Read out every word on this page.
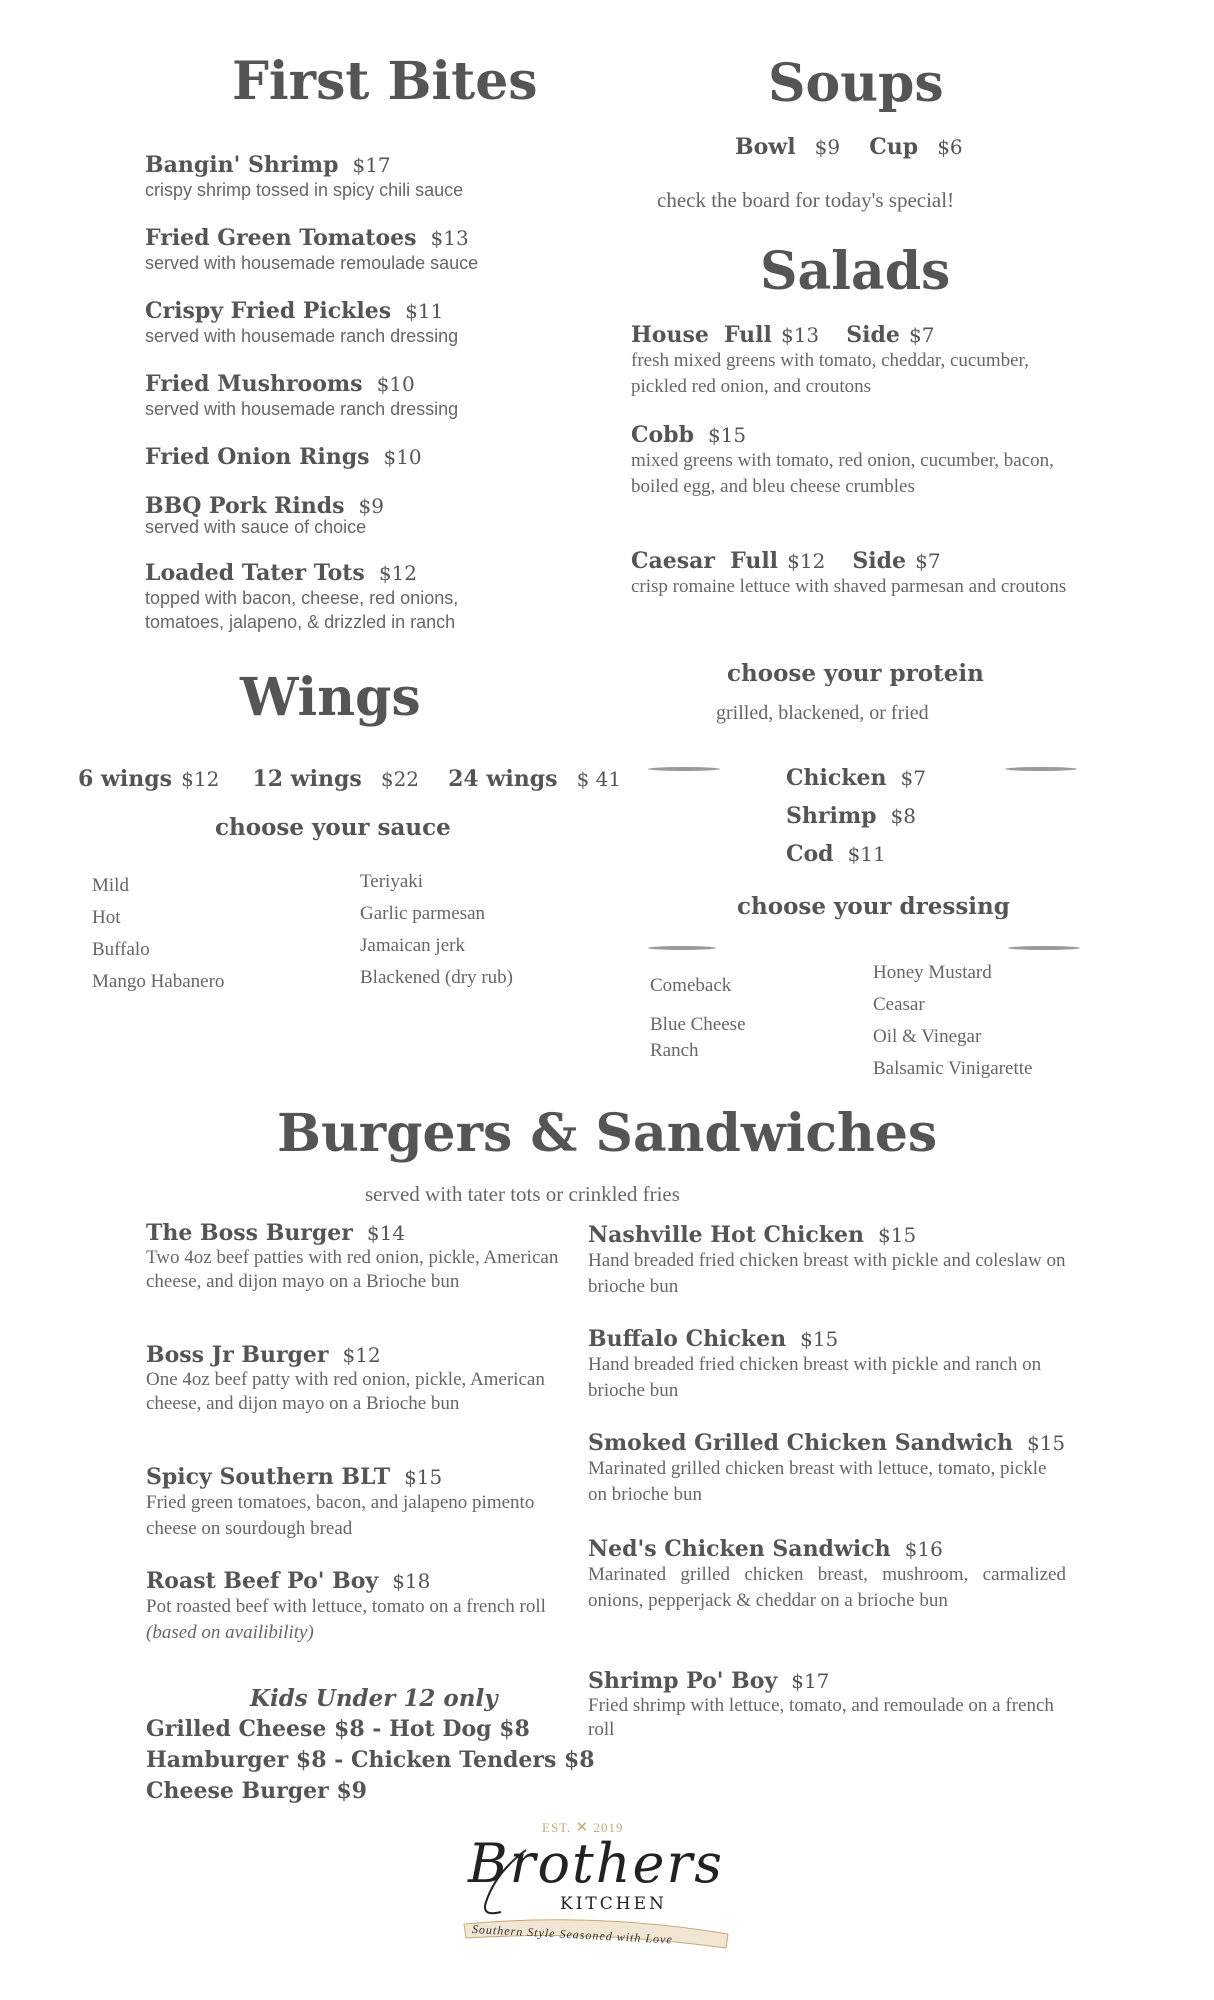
First Bites
Bangin' Shrimp $17
crispy shrimp tossed in spicy chili sauce
Fried Green Tomatoes $13
served with housemade remoulade sauce
Crispy Fried Pickles $11
served with housemade ranch dressing
Fried Mushrooms $10
served with housemade ranch dressing
Fried Onion Rings $10
BBQ Pork Rinds $9
served with sauce of choice
Loaded Tater Tots $12
topped with bacon, cheese, red onions, tomatoes, jalapeno, & drizzled in ranch
Soups
Bowl $9 Cup $6
check the board for today's special!
Salads
House Full $13 Side $7
fresh mixed greens with tomato, cheddar, cucumber, pickled red onion, and croutons
Cobb $15
mixed greens with tomato, red onion, cucumber, bacon, boiled egg, and bleu cheese crumbles
Caesar Full $12 Side $7
crisp romaine lettuce with shaved parmesan and croutons
choose your protein
grilled, blackened, or fried
Chicken $7
Shrimp $8
Cod $11
choose your dressing
Comeback
Blue Cheese
Ranch
Honey Mustard
Ceasar
Oil & Vinegar
Balsamic Vinigarette
Wings
6 wings $12 12 wings $22 24 wings $ 41
choose your sauce
Mild
Hot
Buffalo
Mango Habanero
Teriyaki
Garlic parmesan
Jamaican jerk
Blackened (dry rub)
Burgers & Sandwiches
served with tater tots or crinkled fries
The Boss Burger $14
Two 4oz beef patties with red onion, pickle, American cheese, and dijon mayo on a Brioche bun
Boss Jr Burger $12
One 4oz beef patty with red onion, pickle, American cheese, and dijon mayo on a Brioche bun
Spicy Southern BLT $15
Fried green tomatoes, bacon, and jalapeno pimento cheese on sourdough bread
Roast Beef Po' Boy $18
Pot roasted beef with lettuce, tomato on a french roll (based on availibility)
Nashville Hot Chicken $15
Hand breaded fried chicken breast with pickle and coleslaw on brioche bun
Buffalo Chicken $15
Hand breaded fried chicken breast with pickle and ranch on brioche bun
Smoked Grilled Chicken Sandwich $15
Marinated grilled chicken breast with lettuce, tomato, pickle on brioche bun
Ned's Chicken Sandwich $16
Marinated grilled chicken breast, mushroom, carmalized onions, pepperjack & cheddar on a brioche bun
Shrimp Po' Boy $17
Fried shrimp with lettuce, tomato, and remoulade on a french roll
Kids Under 12 only
Grilled Cheese $8 - Hot Dog $8
Hamburger $8 - Chicken Tenders $8
Cheese Burger $9
EST. ✕ 2019
Brothers
KITCHEN
Southern Style Seasoned with Love
